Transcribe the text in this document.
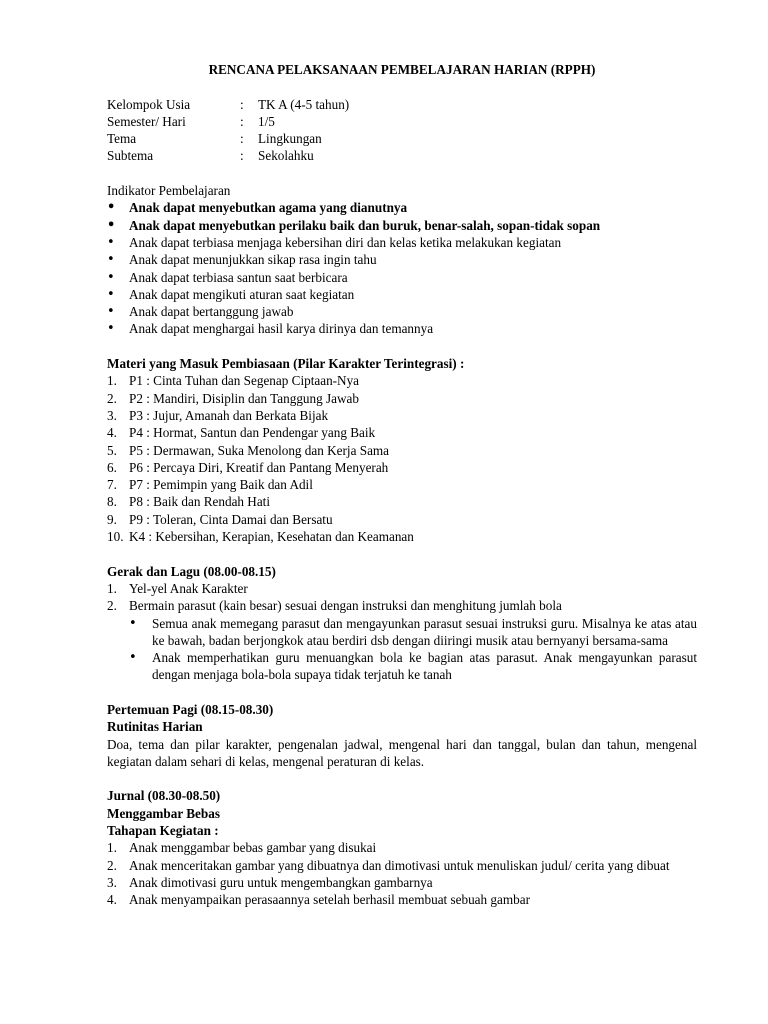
RENCANA PELAKSANAAN PEMBELAJARAN HARIAN (RPPH)
Kelompok Usia	:	TK A (4-5 tahun)
Semester/ Hari	:	1/5
Tema	:	Lingkungan
Subtema	:	Sekolahku
Indikator Pembelajaran
• Anak dapat menyebutkan agama yang dianutnya
• Anak dapat menyebutkan perilaku baik dan buruk, benar-salah, sopan-tidak sopan
• Anak dapat terbiasa menjaga kebersihan diri dan kelas ketika melakukan kegiatan
• Anak dapat menunjukkan sikap rasa ingin tahu
• Anak dapat terbiasa santun saat berbicara
• Anak dapat mengikuti aturan saat kegiatan
• Anak dapat bertanggung jawab
• Anak dapat menghargai hasil karya dirinya dan temannya
Materi yang Masuk Pembiasaan (Pilar Karakter Terintegrasi) :
1. P1 : Cinta Tuhan dan Segenap Ciptaan-Nya
2. P2 : Mandiri, Disiplin dan Tanggung Jawab
3. P3 : Jujur, Amanah dan Berkata Bijak
4. P4 : Hormat, Santun dan Pendengar yang Baik
5. P5 : Dermawan, Suka Menolong dan Kerja Sama
6. P6 : Percaya Diri, Kreatif dan Pantang Menyerah
7. P7 : Pemimpin yang Baik dan Adil
8. P8 : Baik dan Rendah Hati
9. P9 : Toleran, Cinta Damai dan Bersatu
10. K4 : Kebersihan, Kerapian, Kesehatan dan Keamanan
Gerak dan Lagu (08.00-08.15)
1. Yel-yel Anak Karakter
2. Bermain parasut (kain besar) sesuai dengan instruksi dan menghitung jumlah bola
• Semua anak memegang parasut dan mengayunkan parasut sesuai instruksi guru. Misalnya ke atas atau ke bawah, badan berjongkok atau berdiri dsb dengan diiringi musik atau bernyanyi bersama-sama
• Anak memperhatikan guru menuangkan bola ke bagian atas parasut. Anak mengayunkan parasut dengan menjaga bola-bola supaya tidak terjatuh ke tanah
Pertemuan Pagi (08.15-08.30)
Rutinitas Harian
Doa, tema dan pilar karakter, pengenalan jadwal, mengenal hari dan tanggal, bulan dan tahun, mengenal kegiatan dalam sehari di kelas, mengenal peraturan di kelas.
Jurnal (08.30-08.50)
Menggambar Bebas
Tahapan Kegiatan :
1. Anak menggambar bebas gambar yang disukai
2. Anak menceritakan gambar yang dibuatnya dan dimotivasi untuk menuliskan judul/ cerita yang dibuat
3. Anak dimotivasi guru untuk mengembangkan gambarnya
4. Anak menyampaikan perasaannya setelah berhasil membuat sebuah gambar
